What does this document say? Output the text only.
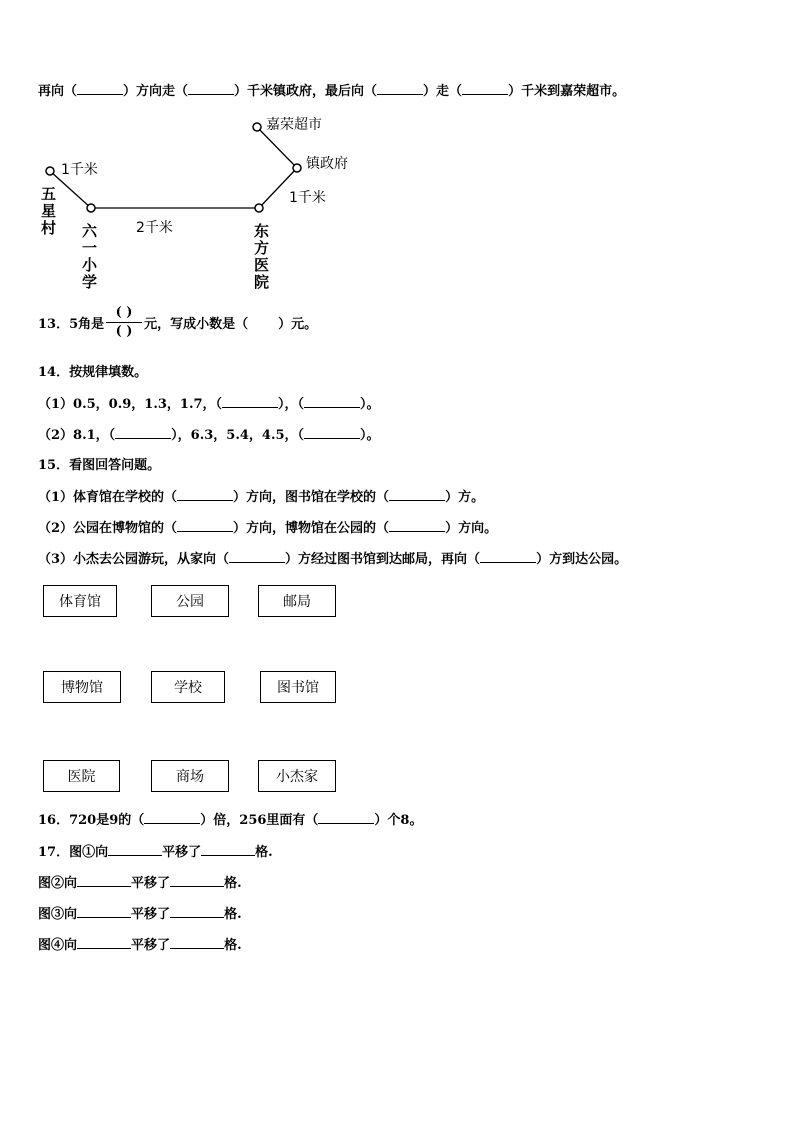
再向（	）方向走（	）千米镇政府，最后向（	）走（	）千米到嘉荣超市。
嘉荣超市
镇政府
1千米
2千米
1千米
五 星 村	六 一 小 学
东 方 医 院
13．5角是	元，写成小数是（ ）元。
( )
( )
14．按规律填数。
（1）0.5，0.9，1.3，1.7，（	），（	）。
（2）8.1，（	），6.3，5.4，4.5，（	）。
15．看图回答问题。
（1）体育馆在学校的（	）方向，图书馆在学校的（	）方。
（2）公园在博物馆的（	）方向，博物馆在公园的（	）方向。
（3）小杰去公园游玩，从家向（	）方经过图书馆到达邮局，再向（	）方到达公园。
体育馆	公园	邮局
博物馆	学校	图书馆
医院	商场	小杰家
16．720是9的（	）倍，256里面有（	）个8。
17．图①向	平移了	格.
图②向	平移了	格.
图③向	平移了	格.
图④向	平移了	格.
